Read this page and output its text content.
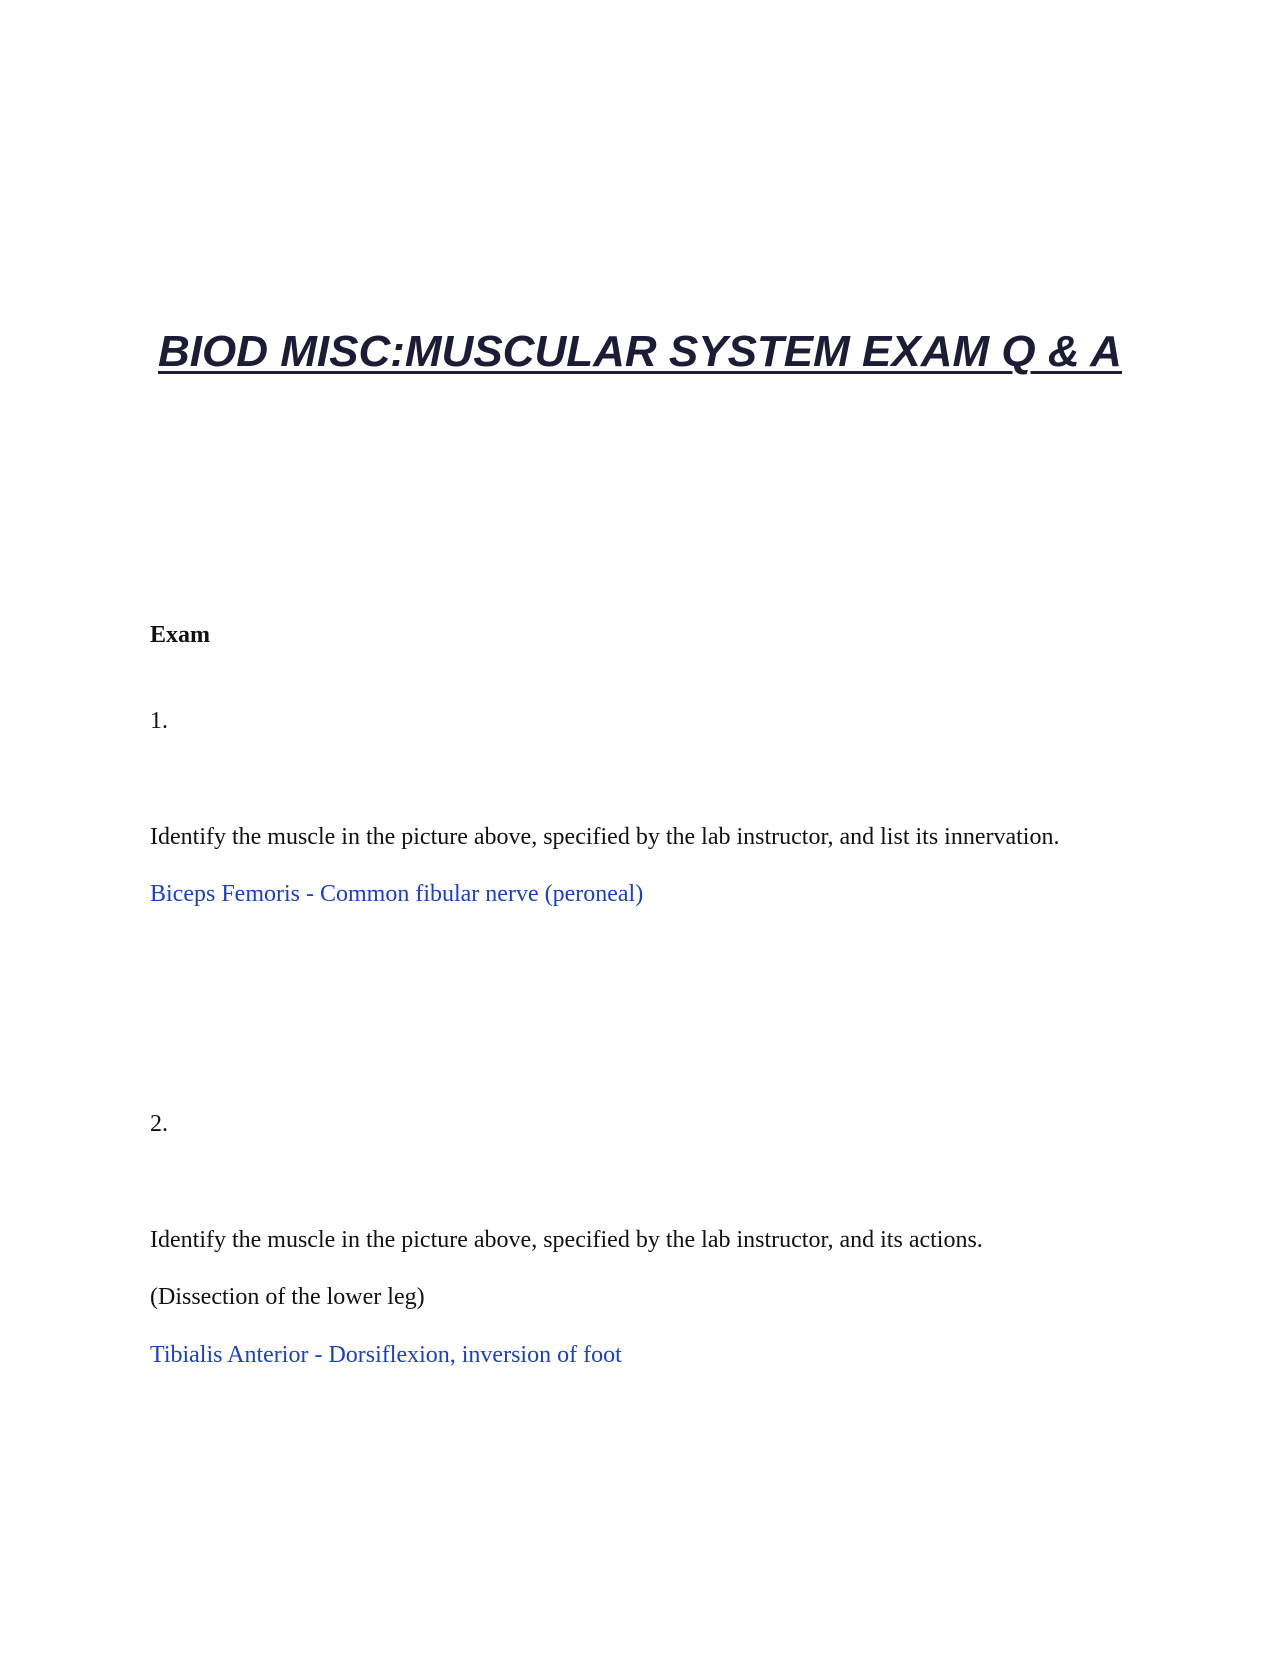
BIOD MISC:MUSCULAR SYSTEM EXAM Q & A

Exam

1.

Identify the muscle in the picture above, specified by the lab instructor, and list its innervation.

Biceps Femoris - Common fibular nerve (peroneal)

2.

Identify the muscle in the picture above, specified by the lab instructor, and its actions.

(Dissection of the lower leg)

Tibialis Anterior - Dorsiflexion, inversion of foot
